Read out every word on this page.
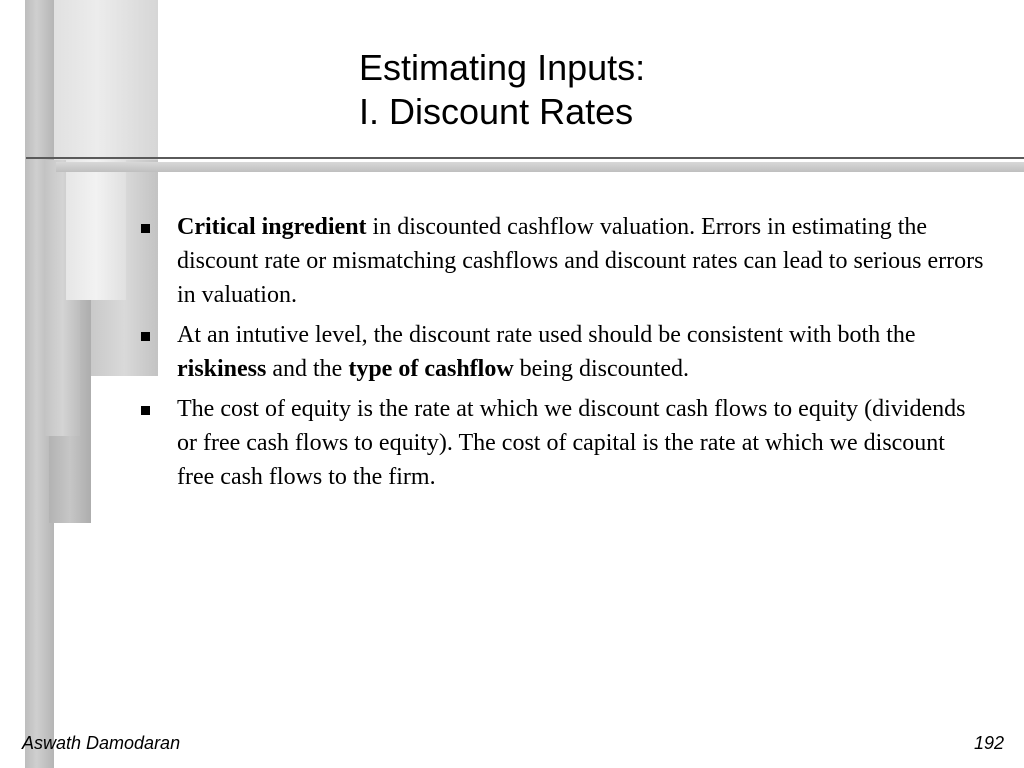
Estimating Inputs:
I. Discount Rates
Critical ingredient in discounted cashflow valuation. Errors in estimating the discount rate or mismatching cashflows and discount rates can lead to serious errors in valuation.
At an intutive level, the discount rate used should be consistent with both the riskiness and the type of cashflow being discounted.
The cost of equity is the rate at which we discount cash flows to equity (dividends or free cash flows to equity). The cost of capital is the rate at which we discount free cash flows to the firm.
Aswath Damodaran	192
